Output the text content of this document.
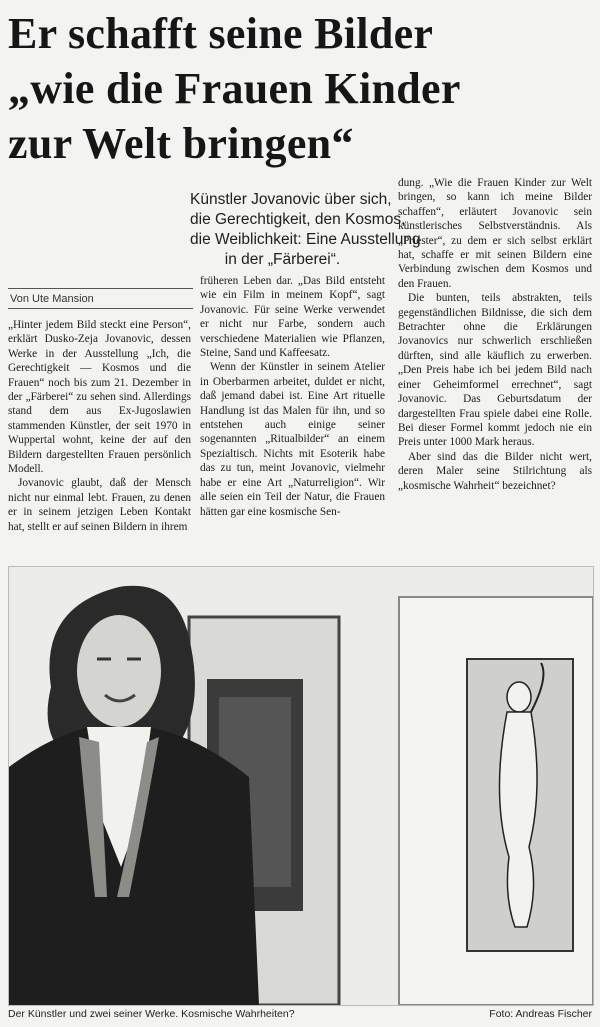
Er schafft seine Bilder
„wie die Frauen Kinder
zur Welt bringen“
Künstler Jovanovic über sich,
die Gerechtigkeit, den Kosmos,
die Weiblichkeit: Eine Ausstellung
in der „Färberei“.
Von Ute Mansion

„Hinter jedem Bild steckt eine Person“, erklärt Dusko-Zeja Jovanovic, dessen Werke in der Ausstellung „Ich, die Gerechtigkeit — Kosmos und die Frauen“ noch bis zum 21. Dezember in der „Färberei“ zu sehen sind. Allerdings stand dem aus Ex-Jugoslawien stammenden Künstler, der seit 1970 in Wuppertal wohnt, keine der auf den Bildern dargestellten Frauen persönlich Modell.

Jovanovic glaubt, daß der Mensch nicht nur einmal lebt. Frauen, zu denen er in seinem jetzigen Leben Kontakt hat, stellt er auf seinen Bildern in ihrem

früheren Leben dar. „Das Bild entsteht wie ein Film in meinem Kopf“, sagt Jovanovic. Für seine Werke verwendet er nicht nur Farbe, sondern auch verschiedene Materialien wie Pflanzen, Steine, Sand und Kaffeesatz.

Wenn der Künstler in seinem Atelier in Oberbarmen arbeitet, duldet er nicht, daß jemand dabei ist. Eine Art rituelle Handlung ist das Malen für ihn, und so entstehen auch einige seiner sogenannten „Ritualbilder“ an einem Spezialtisch. Nichts mit Esoterik habe das zu tun, meint Jovanovic, vielmehr habe er eine Art „Naturreligion“. Wir alle seien ein Teil der Natur, die Frauen hätten gar eine kosmische Sen-

dung. „Wie die Frauen Kinder zur Welt bringen, so kann ich meine Bilder schaffen“, erläutert Jovanovic sein künstlerisches Selbstverständnis. Als „Priester“, zu dem er sich selbst erklärt hat, schaffe er mit seinen Bildern eine Verbindung zwischen dem Kosmos und den Frauen.

Die bunten, teils abstrakten, teils gegenständlichen Bildnisse, die sich dem Betrachter ohne die Erklärungen Jovanovics nur schwerlich erschließen dürften, sind alle käuflich zu erwerben. „Den Preis habe ich bei jedem Bild nach einer Geheimformel errechnet“, sagt Jovanovic. Das Geburtsdatum der dargestellten Frau spiele dabei eine Rolle. Bei dieser Formel kommt jedoch nie ein Preis unter 1000 Mark heraus.

Aber sind das die Bilder nicht wert, deren Maler seine Stilrichtung als „kosmische Wahrheit“ bezeichnet?

Der Künstler und zwei seiner Werke. Kosmische Wahrheiten?	Foto: Andreas Fischer
